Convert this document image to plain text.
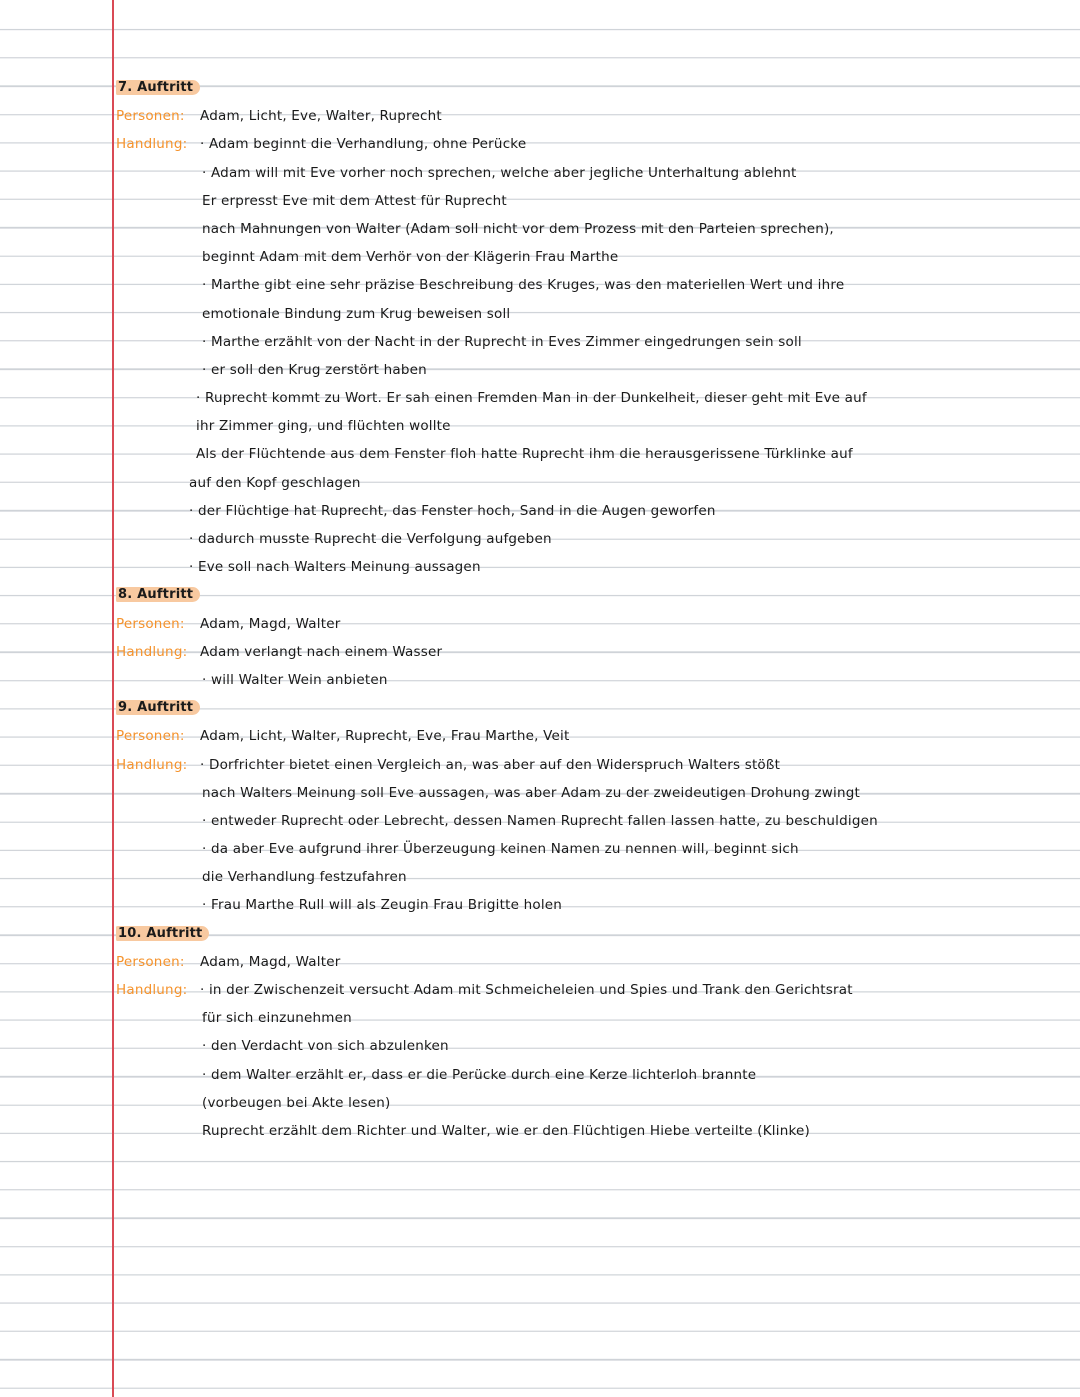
7. Auftritt
Personen: Adam, Licht, Eve, Walter, Ruprecht
Handlung: · Adam beginnt die Verhandlung, ohne Perücke
· Adam will mit Eve vorher noch sprechen, welche aber jegliche Unterhaltung ablehnt
Er erpresst Eve mit dem Attest für Ruprecht
nach Mahnungen von Walter (Adam soll nicht vor dem Prozess mit den Parteien sprechen),
beginnt Adam mit dem Verhör von der Klägerin Frau Marthe
· Marthe gibt eine sehr präzise Beschreibung des Kruges, was den materiellen Wert und ihre
emotionale Bindung zum Krug beweisen soll
· Marthe erzählt von der Nacht in der Ruprecht in Eves Zimmer eingedrungen sein soll
· er soll den Krug zerstört haben
· Ruprecht kommt zu Wort. Er sah einen Fremden Man in der Dunkelheit, dieser geht mit Eve auf
ihr Zimmer ging, und flüchten wollte
Als der Flüchtende aus dem Fenster floh hatte Ruprecht ihm die herausgerissene Türklinke auf
auf den Kopf geschlagen
· der Flüchtige hat Ruprecht, das Fenster hoch, Sand in die Augen geworfen
· dadurch musste Ruprecht die Verfolgung aufgeben
· Eve soll nach Walters Meinung aussagen
8. Auftritt
Personen: Adam, Magd, Walter
Handlung: Adam verlangt nach einem Wasser
· will Walter Wein anbieten
9. Auftritt
Personen: Adam, Licht, Walter, Ruprecht, Eve, Frau Marthe, Veit
Handlung: · Dorfrichter bietet einen Vergleich an, was aber auf den Widerspruch Walters stößt
nach Walters Meinung soll Eve aussagen, was aber Adam zu der zweideutigen Drohung zwingt
· entweder Ruprecht oder Lebrecht, dessen Namen Ruprecht fallen lassen hatte, zu beschuldigen
· da aber Eve aufgrund ihrer Überzeugung keinen Namen zu nennen will, beginnt sich
die Verhandlung festzufahren
· Frau Marthe Rull will als Zeugin Frau Brigitte holen
10. Auftritt
Personen: Adam, Magd, Walter
Handlung: · in der Zwischenzeit versucht Adam mit Schmeicheleien und Spies und Trank den Gerichtsrat
für sich einzunehmen
· den Verdacht von sich abzulenken
· dem Walter erzählt er, dass er die Perücke durch eine Kerze lichterloh brannte
(vorbeugen bei Akte lesen)
Ruprecht erzählt dem Richter und Walter, wie er den Flüchtigen Hiebe verteilte (Klinke)
